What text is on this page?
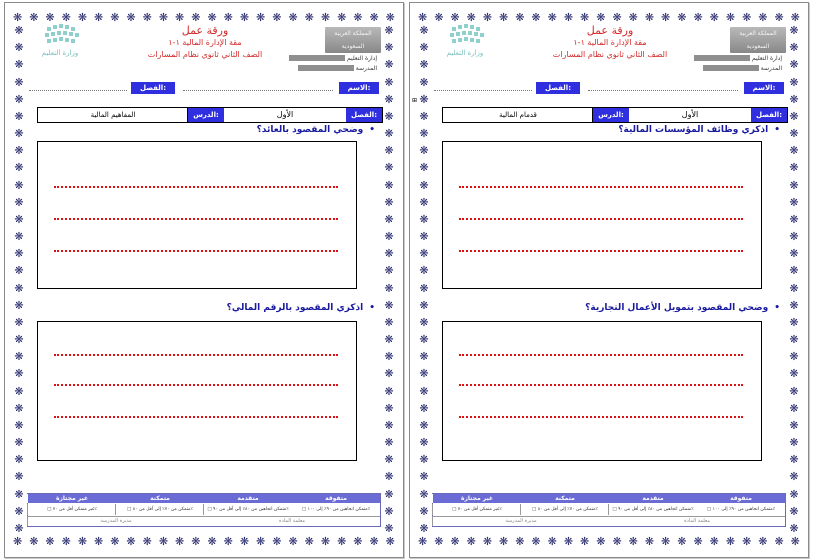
❋ ❋ ❋ ❋ ❋ ❋ ❋ ❋ ❋ ❋ ❋ ❋ ❋ ❋ ❋ ❋ ❋ ❋ ❋ ❋ ❋ ❋ ❋ ❋
❋ ❋ ❋ ❋ ❋ ❋ ❋ ❋ ❋ ❋ ❋ ❋ ❋ ❋ ❋ ❋ ❋ ❋ ❋ ❋ ❋ ❋ ❋ ❋
❋
❋
❋
❋
❋
❋
❋
❋
❋
❋
❋
❋
❋
❋
❋
❋
❋
❋
❋
❋
❋
❋
❋
❋
❋
❋
❋
❋
❋
❋
❋
❋
❋
❋
❋
❋
❋
❋
❋
❋
❋
❋
❋
❋
❋
❋
❋
❋
❋
❋
❋
❋
❋
❋
❋
❋
❋
❋
❋
❋
وزارة التعليم
ورقة عمل
مقة الإدارة المالية ١-١
الصف الثاني ثانوي نظام المسارات
المملكة العربية السعودية
إدارة التعليم
المدرسة
الاسم:
الفصل:
الفصل:
الأول
الدرس:
المفاهيم المالية
•وضحي المقصود بالعائد؟
•اذكري المقصود بالرقم المالي؟
متفوقة
متقدمة
متمكنة
غير مجتازة
□ متمكن اتجاهين من ٩٠٪ إلى ١٠٠٪
□ متمكن اتجاهين من ٨٠٪ إلى أقل من ٩٠٪
□ متمكن من ٧٠٪ إلى أقل من ٨٠٪
□ غير متمكن أقل من ٧٠٪
معلمة المادة
مديرة المدرسة
❋ ❋ ❋ ❋ ❋ ❋ ❋ ❋ ❋ ❋ ❋ ❋ ❋ ❋ ❋ ❋ ❋ ❋ ❋ ❋ ❋ ❋ ❋ ❋
❋ ❋ ❋ ❋ ❋ ❋ ❋ ❋ ❋ ❋ ❋ ❋ ❋ ❋ ❋ ❋ ❋ ❋ ❋ ❋ ❋ ❋ ❋ ❋
❋
❋
❋
❋
❋
❋
❋
❋
❋
❋
❋
❋
❋
❋
❋
❋
❋
❋
❋
❋
❋
❋
❋
❋
❋
❋
❋
❋
❋
❋
❋
❋
❋
❋
❋
❋
❋
❋
❋
❋
❋
❋
❋
❋
❋
❋
❋
❋
❋
❋
❋
❋
❋
❋
❋
❋
❋
❋
❋
❋
وزارة التعليم
ورقة عمل
مقة الإدارة المالية ١-١
الصف الثاني ثانوي نظام المسارات
المملكة العربية السعودية
إدارة التعليم
المدرسة
الاسم:
الفصل:
الفصل:
الأول
الدرس:
قدمام المالية
⊞
•اذكري وظائف المؤسسات المالية؟
•وضحي المقصود بتمويل الأعمال التجارية؟
متفوقة
متقدمة
متمكنة
غير مجتازة
□ متمكن اتجاهين من ٩٠٪ إلى ١٠٠٪
□ متمكن اتجاهين من ٨٠٪ إلى أقل من ٩٠٪
□ متمكن من ٧٠٪ إلى أقل من ٨٠٪
□ غير متمكن أقل من ٧٠٪
معلمة المادة
مديرة المدرسة
